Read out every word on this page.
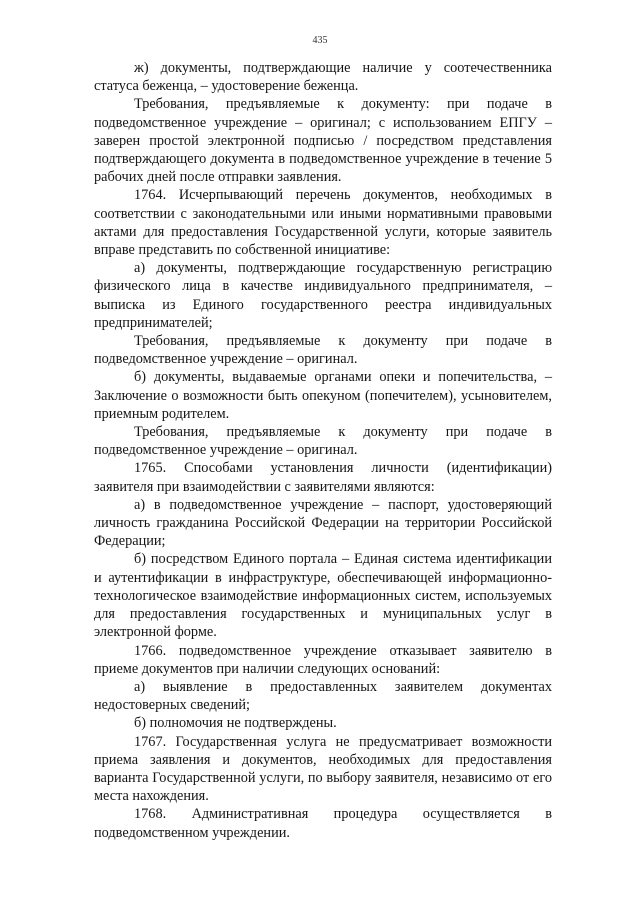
435

ж) документы, подтверждающие наличие у соотечественника статуса беженца, – удостоверение беженца.

Требования, предъявляемые к документу: при подаче в подведомственное учреждение – оригинал; с использованием ЕПГУ – заверен простой электронной подписью / посредством представления подтверждающего документа в подведомственное учреждение в течение 5 рабочих дней после отправки заявления.

1764. Исчерпывающий перечень документов, необходимых в соответствии с законодательными или иными нормативными правовыми актами для предоставления Государственной услуги, которые заявитель вправе представить по собственной инициативе:

а) документы, подтверждающие государственную регистрацию физического лица в качестве индивидуального предпринимателя, – выписка из Единого государственного реестра индивидуальных предпринимателей;

Требования, предъявляемые к документу при подаче в подведомственное учреждение – оригинал.

б) документы, выдаваемые органами опеки и попечительства, – Заключение о возможности быть опекуном (попечителем), усыновителем, приемным родителем.

Требования, предъявляемые к документу при подаче в подведомственное учреждение – оригинал.

1765. Способами установления личности (идентификации) заявителя при взаимодействии с заявителями являются:

а) в подведомственное учреждение – паспорт, удостоверяющий личность гражданина Российской Федерации на территории Российской Федерации;

б) посредством Единого портала – Единая система идентификации и аутентификации в инфраструктуре, обеспечивающей информационно-технологическое взаимодействие информационных систем, используемых для предоставления государственных и муниципальных услуг в электронной форме.

1766. подведомственное учреждение отказывает заявителю в приеме документов при наличии следующих оснований:

а) выявление в предоставленных заявителем документах недостоверных сведений;

б) полномочия не подтверждены.

1767. Государственная услуга не предусматривает возможности приема заявления и документов, необходимых для предоставления варианта Государственной услуги, по выбору заявителя, независимо от его места нахождения.

1768. Административная процедура осуществляется в подведомственном учреждении.
